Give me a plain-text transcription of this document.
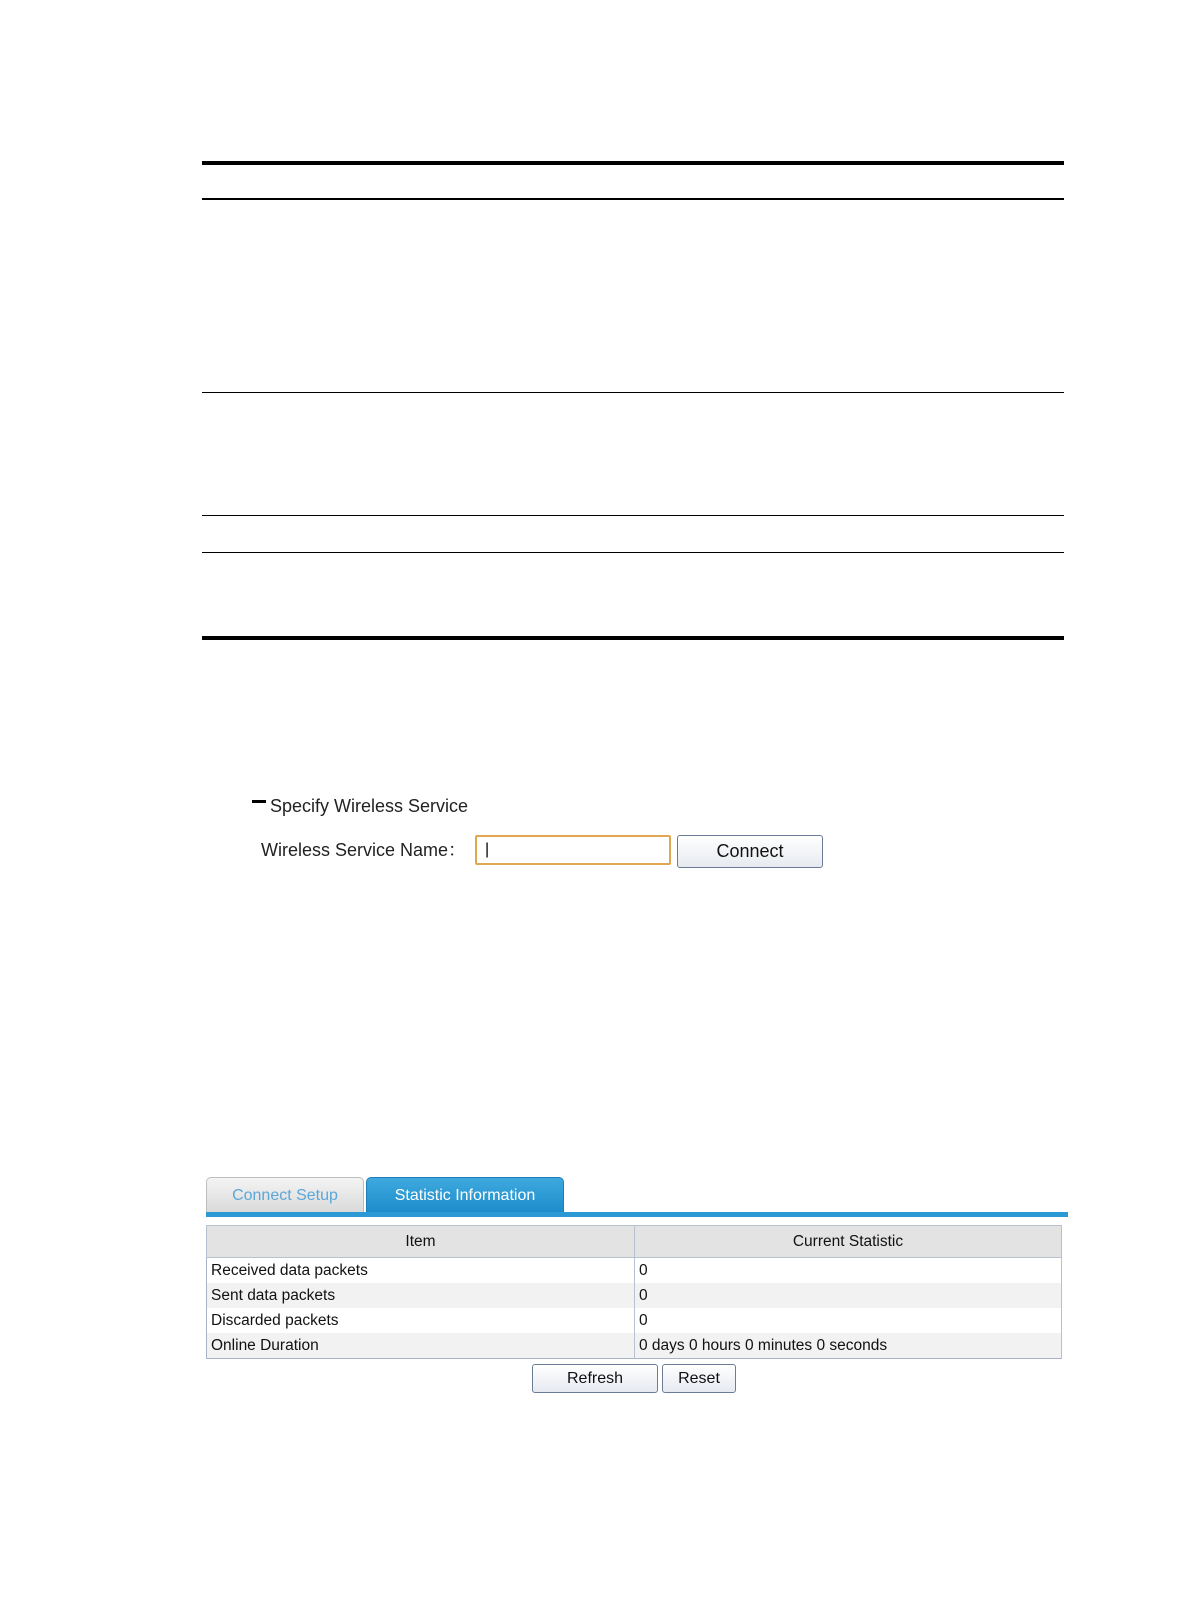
Specify Wireless Service
Wireless Service Name：
|	Connect
Connect Setup	Statistic Information
Item	Current Statistic
Received data packets	0
Sent data packets	0
Discarded packets	0
Online Duration	0 days 0 hours 0 minutes 0 seconds
Refresh	Reset
